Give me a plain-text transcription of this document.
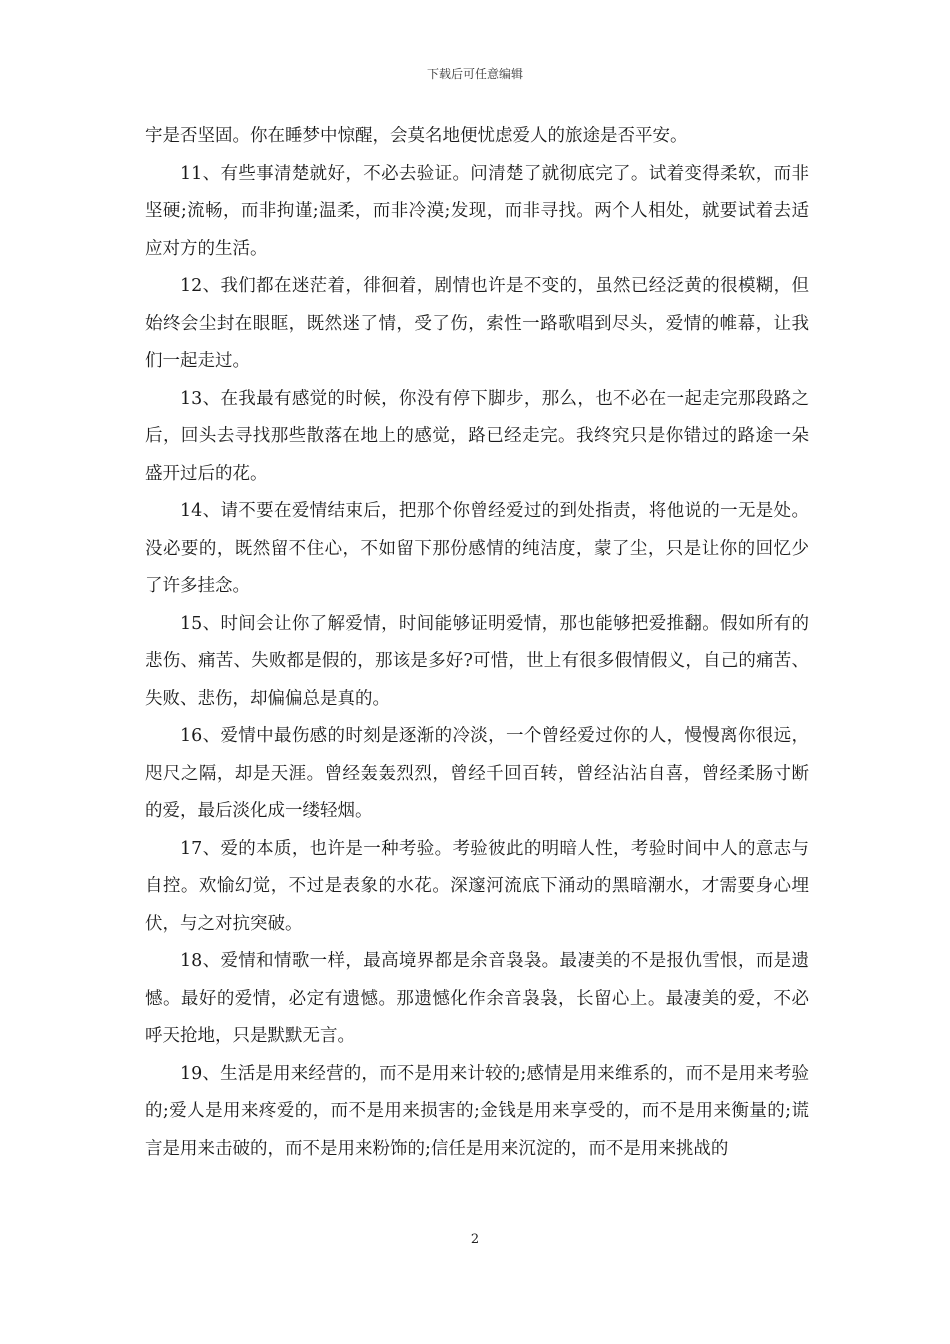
下载后可任意编辑

宇是否坚固。你在睡梦中惊醒，会莫名地便忧虑爱人的旅途是否平安。

11、有些事清楚就好，不必去验证。问清楚了就彻底完了。试着变得柔软，而非坚硬;流畅，而非拘谨;温柔，而非冷漠;发现，而非寻找。两个人相处，就要试着去适应对方的生活。

12、我们都在迷茫着，徘徊着，剧情也许是不变的，虽然已经泛黄的很模糊，但始终会尘封在眼眶，既然迷了情，受了伤，索性一路歌唱到尽头，爱情的帷幕，让我们一起走过。

13、在我最有感觉的时候，你没有停下脚步，那么，也不必在一起走完那段路之后，回头去寻找那些散落在地上的感觉，路已经走完。我终究只是你错过的路途一朵盛开过后的花。

14、请不要在爱情结束后，把那个你曾经爱过的到处指责，将他说的一无是处。没必要的，既然留不住心，不如留下那份感情的纯洁度，蒙了尘，只是让你的回忆少了许多挂念。

15、时间会让你了解爱情，时间能够证明爱情，那也能够把爱推翻。假如所有的悲伤、痛苦、失败都是假的，那该是多好?可惜，世上有很多假情假义，自己的痛苦、失败、悲伤，却偏偏总是真的。

16、爱情中最伤感的时刻是逐渐的冷淡，一个曾经爱过你的人，慢慢离你很远，咫尺之隔，却是天涯。曾经轰轰烈烈，曾经千回百转，曾经沾沾自喜，曾经柔肠寸断的爱，最后淡化成一缕轻烟。

17、爱的本质，也许是一种考验。考验彼此的明暗人性，考验时间中人的意志与自控。欢愉幻觉，不过是表象的水花。深邃河流底下涌动的黑暗潮水，才需要身心埋伏，与之对抗突破。

18、爱情和情歌一样，最高境界都是余音袅袅。最凄美的不是报仇雪恨，而是遗憾。最好的爱情，必定有遗憾。那遗憾化作余音袅袅，长留心上。最凄美的爱，不必呼天抢地，只是默默无言。

19、生活是用来经营的，而不是用来计较的;感情是用来维系的，而不是用来考验的;爱人是用来疼爱的，而不是用来损害的;金钱是用来享受的，而不是用来衡量的;谎言是用来击破的，而不是用来粉饰的;信任是用来沉淀的，而不是用来挑战的

2
